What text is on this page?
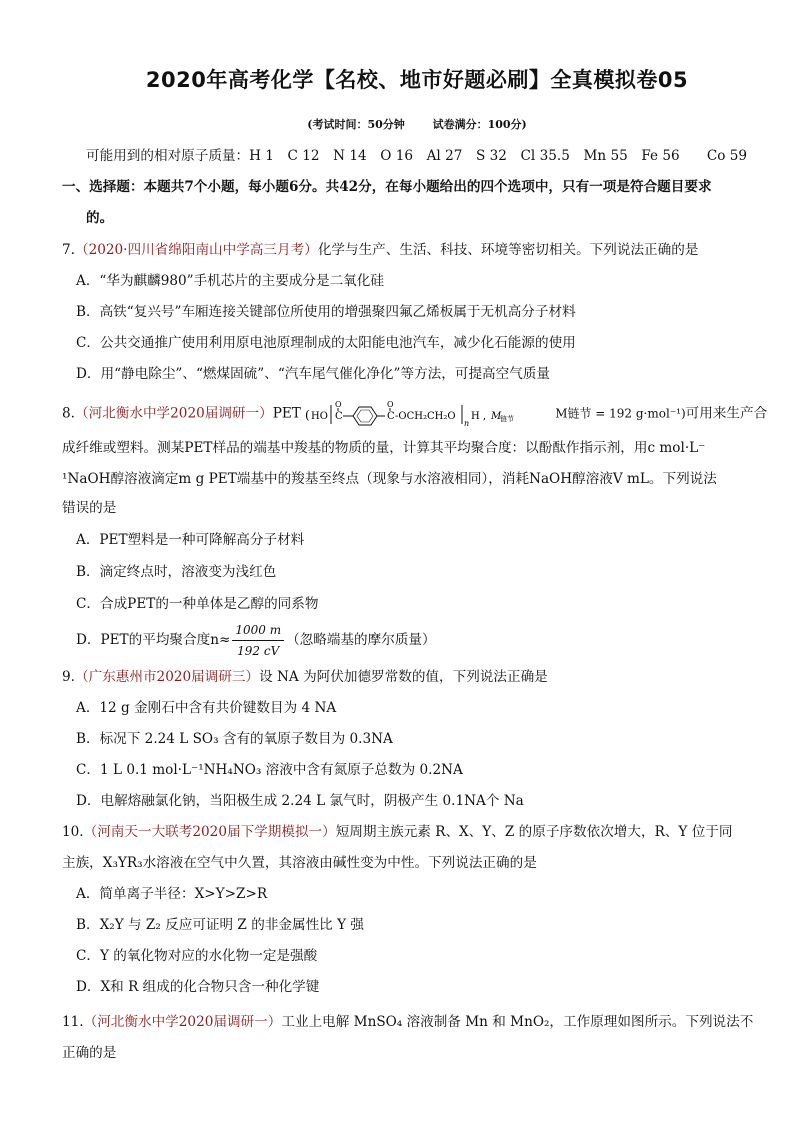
2020年高考化学【名校、地市好题必刷】全真模拟卷05
(考试时间：50分钟	试卷满分：100分)
可能用到的相对原子质量：H 1　C 12　N 14　O 16　Al 27　S 32　Cl 35.5　Mn 55　Fe 56　　Co 59
一、选择题：本题共7个小题，每小题6分。共42分，在每小题给出的四个选项中，只有一项是符合题目要求
的。
7.（2020·四川省绵阳南山中学高三月考）化学与生产、生活、科技、环境等密切相关。下列说法正确的是
A．“华为麒麟980”手机芯片的主要成分是二氧化硅
B．高铁“复兴号”车厢连接关键部位所使用的增强聚四氟乙烯板属于无机高分子材料
C．公共交通推广使用利用原电池原理制成的太阳能电池汽车，减少化石能源的使用
D．用“静电除尘”、“燃煤固硫”、“汽车尾气催化净化”等方法，可提高空气质量
8.（河北衡水中学2020届调研一）PET ( HO C
O
C
O
-OCH₂CH₂O
n
H , M
链节	M链节 = 192 g·mol⁻¹)可用来生产合
成纤维或塑料。测某PET样品的端基中羧基的物质的量，计算其平均聚合度：以酚酞作指示剂，用c mol·L⁻
¹NaOH醇溶液滴定m g PET端基中的羧基至终点（现象与水溶液相同），消耗NaOH醇溶液V mL。下列说法
错误的是
A．PET塑料是一种可降解高分子材料
B．滴定终点时，溶液变为浅红色
C．合成PET的一种单体是乙醇的同系物
D．PET的平均聚合度$n\approx \frac{1000 m}{192 cV}$ （忽略端基的摩尔质量）
9.（广东惠州市2020届调研三）设 NA 为阿伏加德罗常数的值，下列说法正确是
A．12 g 金刚石中含有共价键数目为 4 NA
B．标况下 2.24 L SO₃ 含有的氧原子数目为 0.3NA
C．1 L 0.1 mol·L⁻¹NH₄NO₃ 溶液中含有氮原子总数为 0.2NA
D．电解熔融氯化钠，当阳极生成 2.24 L 氯气时，阴极产生 0.1NA个 Na
10.（河南天一大联考2020届下学期模拟一）短周期主族元素 R、X、Y、Z 的原子序数依次增大，R、Y 位于同
主族，X₃YR₃水溶液在空气中久置，其溶液由碱性变为中性。下列说法正确的是
A．简单离子半径：X>Y>Z>R
B．X₂Y 与 Z₂ 反应可证明 Z 的非金属性比 Y 强
C．Y 的氧化物对应的水化物一定是强酸
D．X和 R 组成的化合物只含一种化学键
11.（河北衡水中学2020届调研一）工业上电解 MnSO₄ 溶液制备 Mn 和 MnO₂，工作原理如图所示。下列说法不
正确的是
